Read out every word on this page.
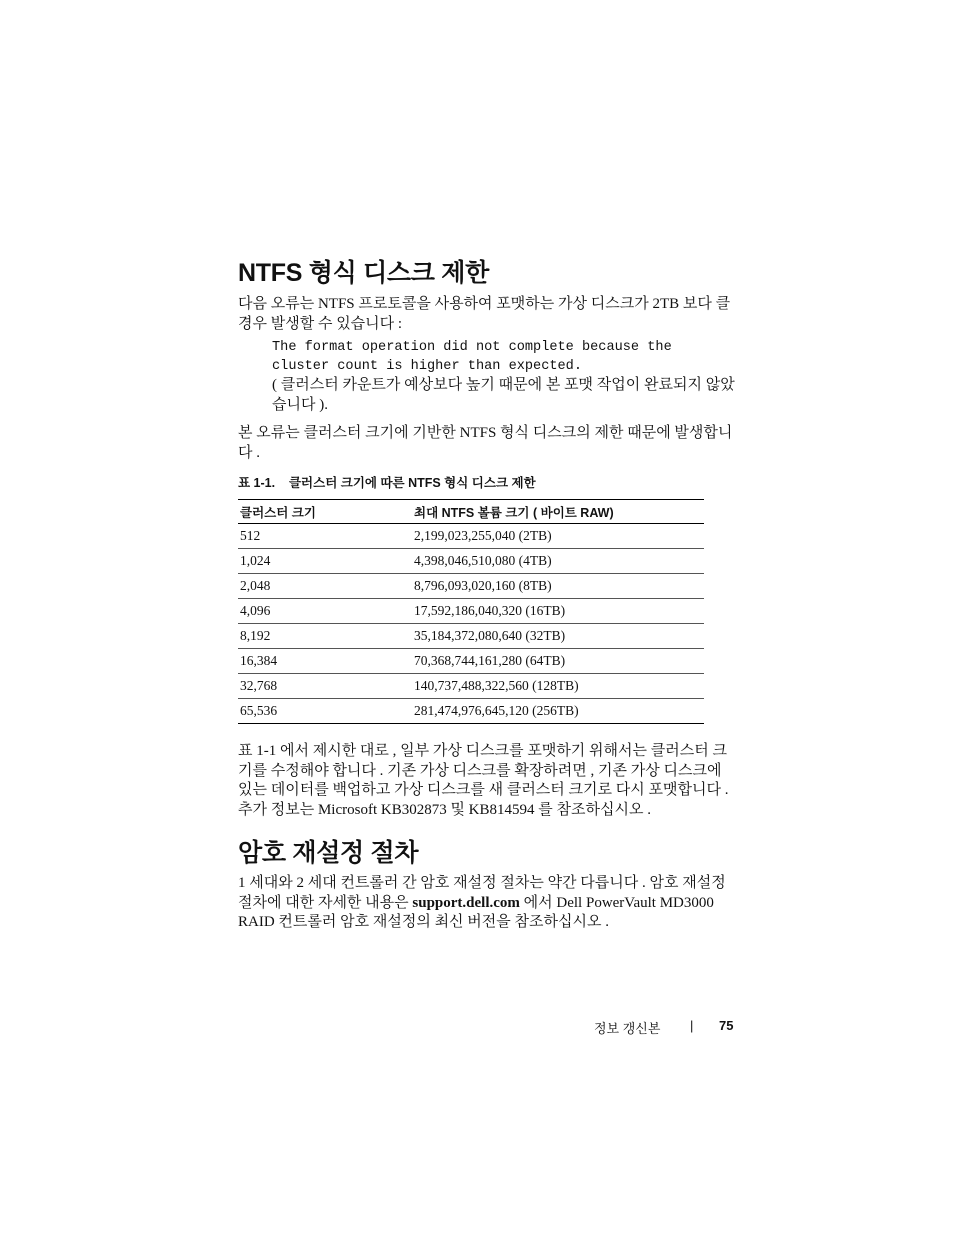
NTFS 형식 디스크 제한
다음 오류는 NTFS 프로토콜을 사용하여 포맷하는 가상 디스크가 2TB 보다 클 경우 발생할 수 있습니다 :
The format operation did not complete because the
cluster count is higher than expected.
( 클러스터 카운트가 예상보다 높기 때문에 본 포맷 작업이 완료되지 않았습니다 ).
본 오류는 클러스터 크기에 기반한 NTFS 형식 디스크의 제한 때문에 발생합니다 .
표 1-1.    클러스터 크기에 따른 NTFS 형식 디스크 제한
클러스터 크기	최대 NTFS 볼륨 크기 ( 바이트 RAW)
512	2,199,023,255,040 (2TB)
1,024	4,398,046,510,080 (4TB)
2,048	8,796,093,020,160 (8TB)
4,096	17,592,186,040,320 (16TB)
8,192	35,184,372,080,640 (32TB)
16,384	70,368,744,161,280 (64TB)
32,768	140,737,488,322,560 (128TB)
65,536	281,474,976,645,120 (256TB)
표 1-1 에서 제시한 대로 , 일부 가상 디스크를 포맷하기 위해서는 클러스터 크기를 수정해야 합니다 . 기존 가상 디스크를 확장하려면 , 기존 가상 디스크에 있는 데이터를 백업하고 가상 디스크를 새 클러스터 크기로 다시 포맷합니다 . 추가 정보는 Microsoft KB302873 및 KB814594 를 참조하십시오 .
암호 재설정 절차
1 세대와 2 세대 컨트롤러 간 암호 재설정 절차는 약간 다릅니다 . 암호 재설정 절차에 대한 자세한 내용은 support.dell.com 에서 Dell PowerVault MD3000 RAID 컨트롤러 암호 재설정의 최신 버전을 참조하십시오 .
정보 갱신본 | 75
